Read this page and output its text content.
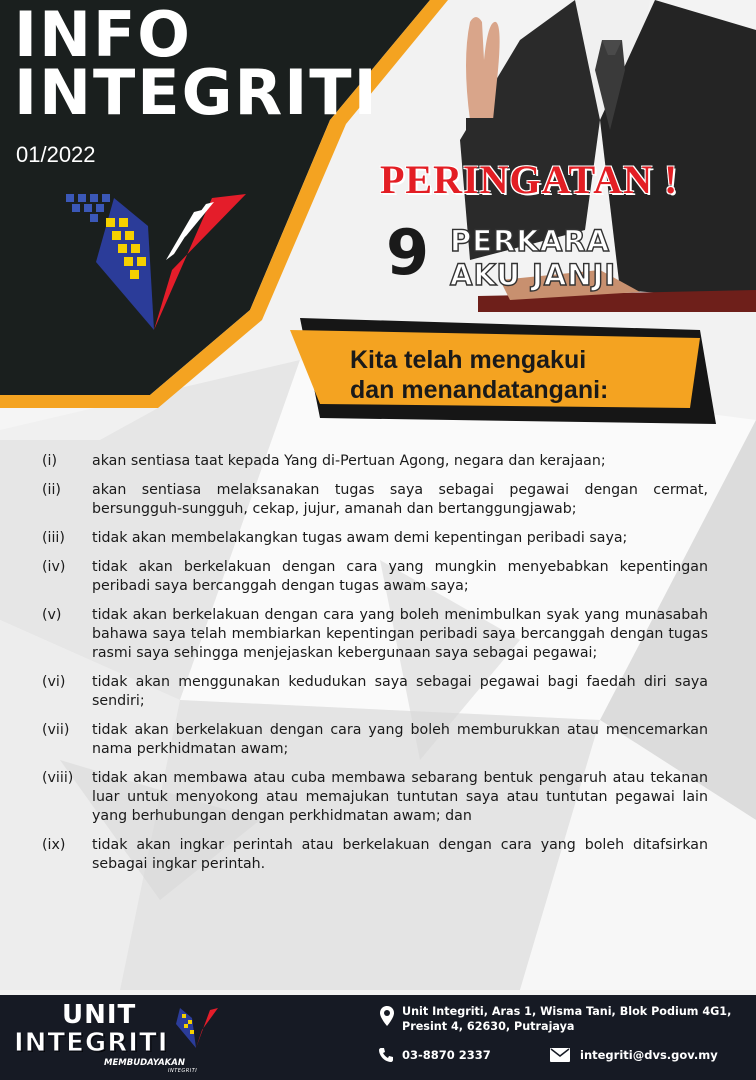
INFO
INTEGRITI
01/2022
PERINGATAN !
9 PERKARA
AKU JANJI
Kita telah mengakui
dan menandatangani:
(i)	akan sentiasa taat kepada Yang di-Pertuan Agong, negara dan kerajaan;
(ii)	akan sentiasa melaksanakan tugas saya sebagai pegawai dengan cermat, bersungguh-sungguh, cekap, jujur, amanah dan bertanggungjawab;
(iii)	tidak akan membelakangkan tugas awam demi kepentingan peribadi saya;
(iv)	tidak akan berkelakuan dengan cara yang mungkin menyebabkan kepentingan peribadi saya bercanggah dengan tugas awam saya;
(v)	tidak akan berkelakuan dengan cara yang boleh menimbulkan syak yang munasabah bahawa saya telah membiarkan kepentingan peribadi saya bercanggah dengan tugas rasmi saya sehingga menjejaskan kebergunaan saya sebagai pegawai;
(vi)	tidak akan menggunakan kedudukan saya sebagai pegawai bagi faedah diri saya sendiri;
(vii)	tidak akan berkelakuan dengan cara yang boleh memburukkan atau mencemarkan nama perkhidmatan awam;
(viii)	tidak akan membawa atau cuba membawa sebarang bentuk pengaruh atau tekanan luar untuk menyokong atau memajukan tuntutan saya atau tuntutan pegawai lain yang berhubungan dengan perkhidmatan awam; dan
(ix)	tidak akan ingkar perintah atau berkelakuan dengan cara yang boleh ditafsirkan sebagai ingkar perintah.
UNIT
INTEGRITI
MEMBUDAYAKAN
INTEGRITI
Unit Integriti, Aras 1, Wisma Tani, Blok Podium 4G1,
Presint 4, 62630, Putrajaya
03-8870 2337	integriti@dvs.gov.my
